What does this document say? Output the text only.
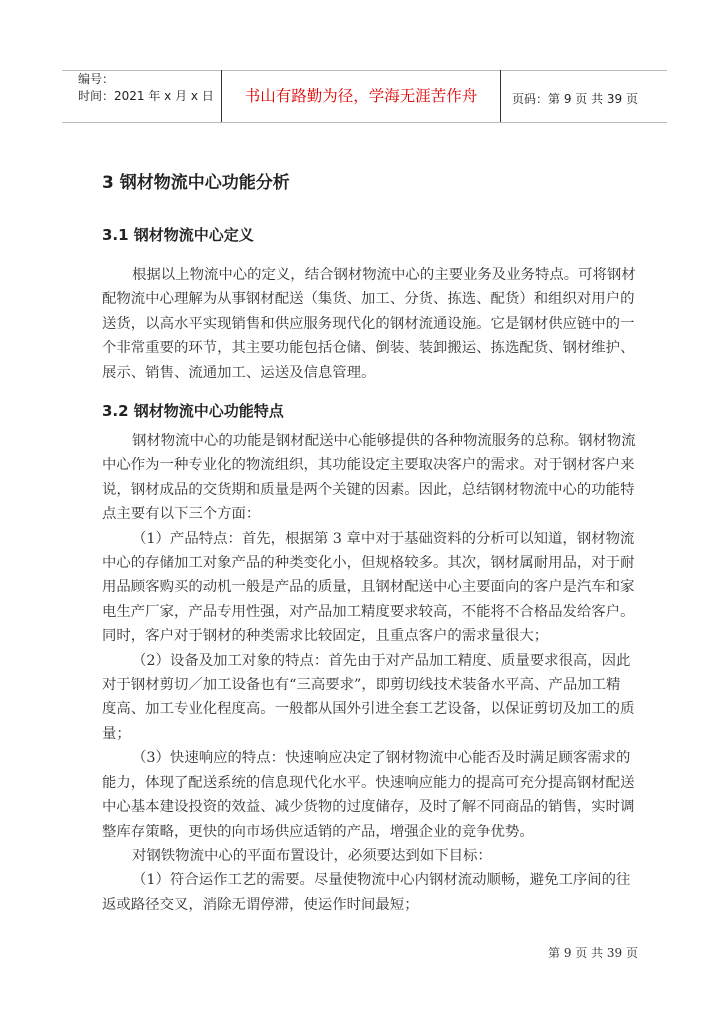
编号：
时间：2021 年 x 月 x 日	书山有路勤为径，学海无涯苦作舟	页码：第 9 页 共 39 页
3 钢材物流中心功能分析
3.1 钢材物流中心定义
根据以上物流中心的定义，结合钢材物流中心的主要业务及业务特点。可将钢材
配物流中心理解为从事钢材配送（集货、加工、分货、拣选、配货）和组织对用户的
送货，以高水平实现销售和供应服务现代化的钢材流通设施。它是钢材供应链中的一
个非常重要的环节，其主要功能包括仓储、倒装、装卸搬运、拣选配货、钢材维护、
展示、销售、流通加工、运送及信息管理。
3.2 钢材物流中心功能特点
钢材物流中心的功能是钢材配送中心能够提供的各种物流服务的总称。钢材物流
中心作为一种专业化的物流组织，其功能设定主要取决客户的需求。对于钢材客户来
说，钢材成品的交货期和质量是两个关键的因素。因此，总结钢材物流中心的功能特
点主要有以下三个方面：
（1）产品特点：首先，根据第 3 章中对于基础资料的分析可以知道，钢材物流
中心的存储加工对象产品的种类变化小，但规格较多。其次，钢材属耐用品，对于耐
用品顾客购买的动机一般是产品的质量，且钢材配送中心主要面向的客户是汽车和家
电生产厂家，产品专用性强，对产品加工精度要求较高，不能将不合格品发给客户。
同时，客户对于钢材的种类需求比较固定，且重点客户的需求量很大；
（2）设备及加工对象的特点：首先由于对产品加工精度、质量要求很高，因此
对于钢材剪切／加工设备也有“三高要求”，即剪切线技术装备水平高、产品加工精
度高、加工专业化程度高。一般都从国外引进全套工艺设备，以保证剪切及加工的质
量；
（3）快速响应的特点：快速响应决定了钢材物流中心能否及时满足顾客需求的
能力，体现了配送系统的信息现代化水平。快速响应能力的提高可充分提高钢材配送
中心基本建设投资的效益、减少货物的过度储存，及时了解不同商品的销售，实时调
整库存策略，更快的向市场供应适销的产品，增强企业的竞争优势。
对钢铁物流中心的平面布置设计，必须要达到如下目标：
（1）符合运作工艺的需要。尽量使物流中心内钢材流动顺畅，避免工序间的往
返或路径交叉，消除无谓停滞，使运作时间最短；
第 9 页 共 39 页
